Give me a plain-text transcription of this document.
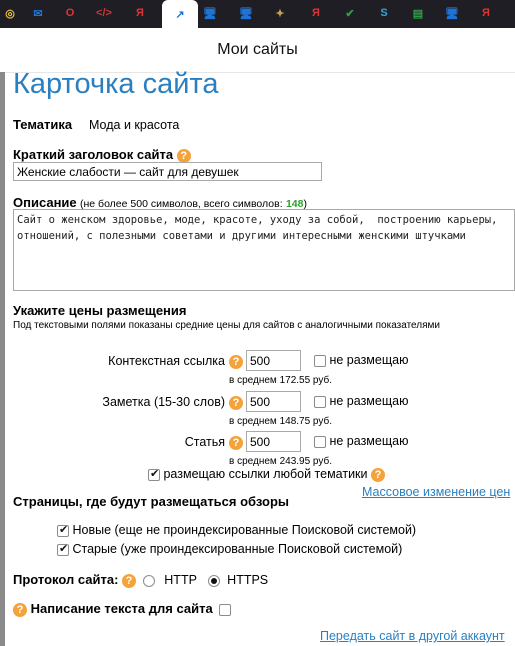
◎	✉	O	</>	Я	↗	🖥 🖥	✦	Я	✔	S	▤	🖥	Я
Мои сайты
Карточка сайта
Тематика Мода и красота
Краткий заголовок сайта ?
Женские слабости — сайт для девушек
Описание (не более 500 символов, всего символов: 148)
Сайт о женском здоровье, моде, красоте, уходу за собой,  построению карьеры, отношений, с полезными советами и другими интересными женскими штучками
Укажите цены размещения
Под текстовыми полями показаны средние цены для сайтов с аналогичными показателями
Контекстная ссылка ?
500	не размещаю
в среднем 172.55 руб.
Заметка (15-30 слов) ?
500	не размещаю
в среднем 148.75 руб.
Статья ?
500	не размещаю
в среднем 243.95 руб.
✔ размещаю ссылки любой тематики ?
Массовое изменение цен
Страницы, где будут размещаться обзоры
✔ Новые (еще не проиндексированные Поисковой системой)
✔ Старые (уже проиндексированные Поисковой системой)
Протокол сайта: ?	HTTP HTTPS
? Написание текста для сайта
Передать сайт в другой аккаунт
